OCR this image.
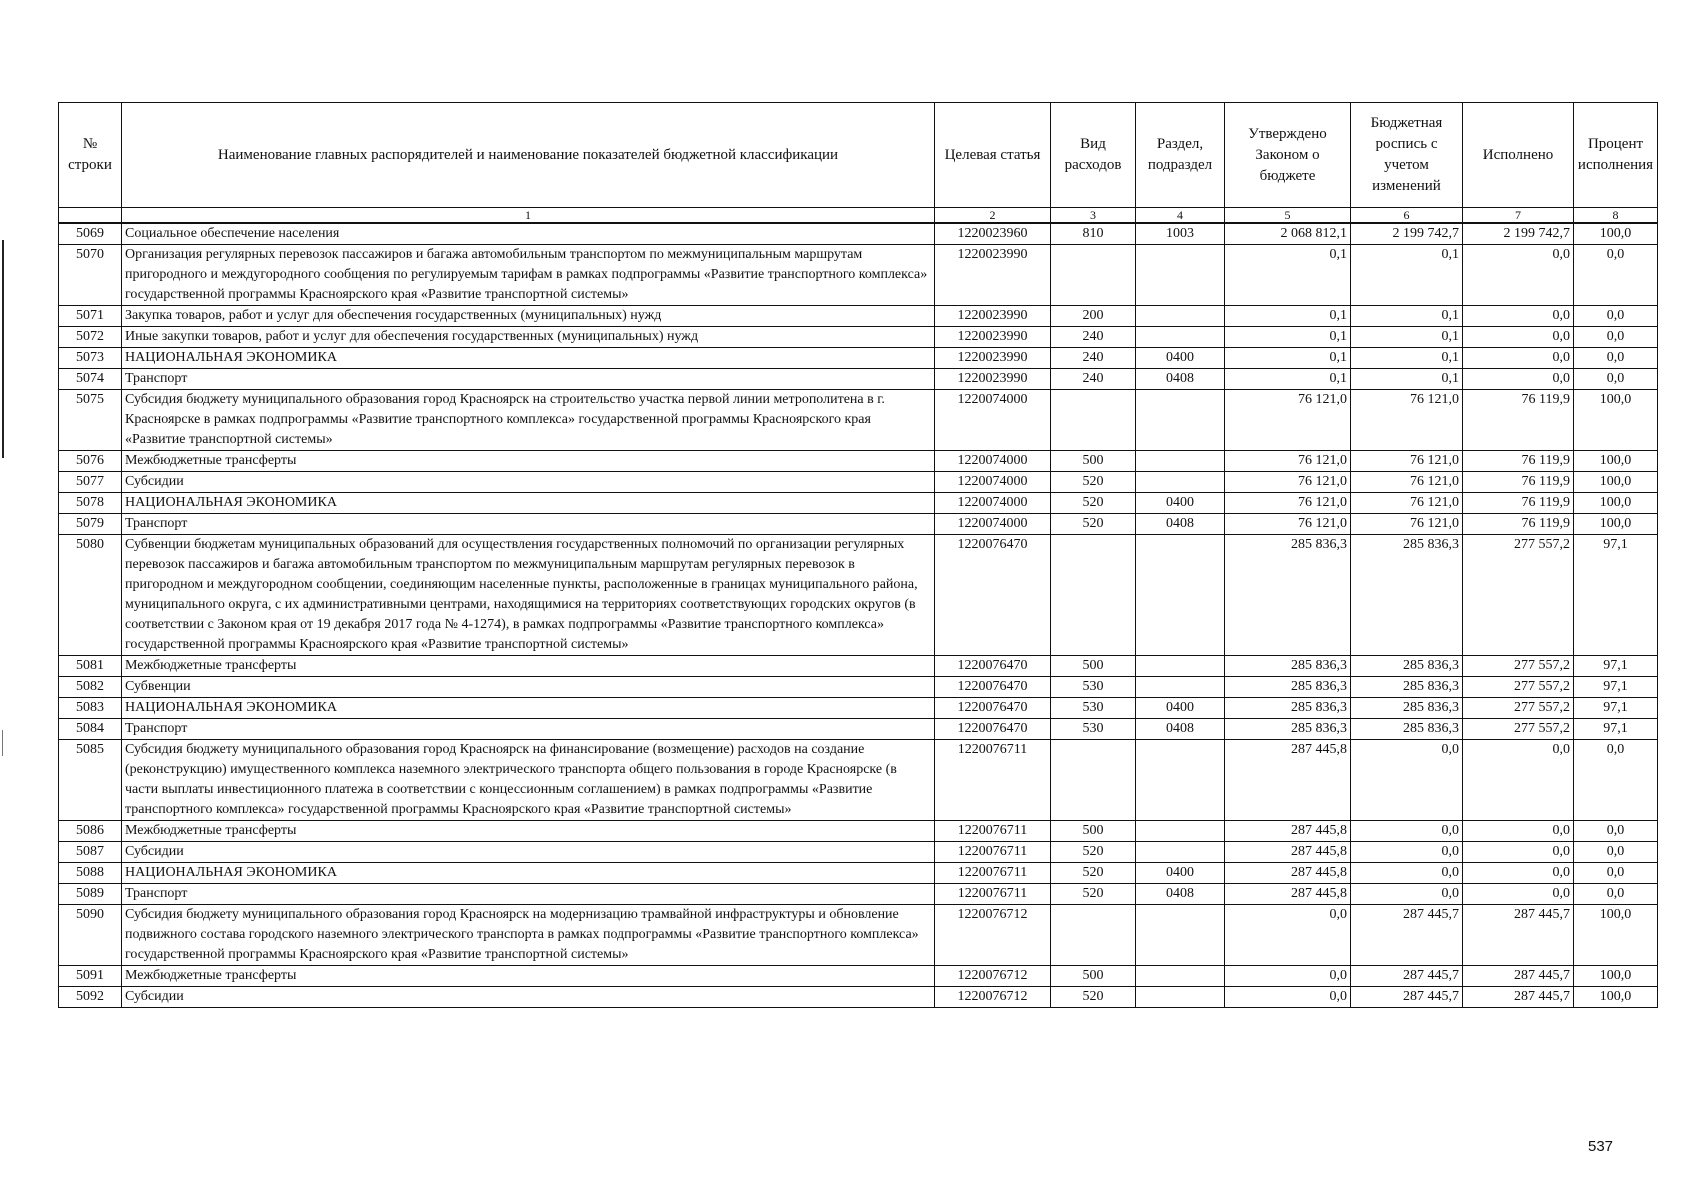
№ строки	Наименование главных распорядителей и наименование показателей бюджетной классификации	Целевая статья	Вид расходов	Раздел, подраздел	Утверждено Законом о бюджете	Бюджетная роспись с учетом изменений	Исполнено	Процент исполнения
	1	2	3	4	5	6	7	8
5069	Социальное обеспечение населения	1220023960	810	1003	2 068 812,1	2 199 742,7	2 199 742,7	100,0
5070	Организация регулярных перевозок пассажиров и багажа автомобильным транспортом по межмуниципальным маршрутам пригородного и междугородного сообщения по регулируемым тарифам в рамках подпрограммы «Развитие транспортного комплекса» государственной программы Красноярского края «Развитие транспортной системы»	1220023990			0,1	0,1	0,0	0,0
5071	Закупка товаров, работ и услуг для обеспечения государственных (муниципальных) нужд	1220023990	200		0,1	0,1	0,0	0,0
5072	Иные закупки товаров, работ и услуг для обеспечения государственных (муниципальных) нужд	1220023990	240		0,1	0,1	0,0	0,0
5073	НАЦИОНАЛЬНАЯ ЭКОНОМИКА	1220023990	240	0400	0,1	0,1	0,0	0,0
5074	Транспорт	1220023990	240	0408	0,1	0,1	0,0	0,0
5075	Субсидия бюджету муниципального образования город Красноярск на строительство участка первой линии метрополитена в г. Красноярске в рамках подпрограммы «Развитие транспортного комплекса» государственной программы Красноярского края «Развитие транспортной системы»	1220074000			76 121,0	76 121,0	76 119,9	100,0
5076	Межбюджетные трансферты	1220074000	500		76 121,0	76 121,0	76 119,9	100,0
5077	Субсидии	1220074000	520		76 121,0	76 121,0	76 119,9	100,0
5078	НАЦИОНАЛЬНАЯ ЭКОНОМИКА	1220074000	520	0400	76 121,0	76 121,0	76 119,9	100,0
5079	Транспорт	1220074000	520	0408	76 121,0	76 121,0	76 119,9	100,0
5080	Субвенции бюджетам муниципальных образований для осуществления государственных полномочий по организации регулярных перевозок пассажиров и багажа автомобильным транспортом по межмуниципальным маршрутам регулярных перевозок в пригородном и междугородном сообщении, соединяющим населенные пункты, расположенные в границах муниципального района, муниципального округа, с их административными центрами, находящимися на территориях соответствующих городских округов (в соответствии с Законом края от 19 декабря 2017 года № 4-1274), в рамках подпрограммы «Развитие транспортного комплекса» государственной программы Красноярского края «Развитие транспортной системы»	1220076470			285 836,3	285 836,3	277 557,2	97,1
5081	Межбюджетные трансферты	1220076470	500		285 836,3	285 836,3	277 557,2	97,1
5082	Субвенции	1220076470	530		285 836,3	285 836,3	277 557,2	97,1
5083	НАЦИОНАЛЬНАЯ ЭКОНОМИКА	1220076470	530	0400	285 836,3	285 836,3	277 557,2	97,1
5084	Транспорт	1220076470	530	0408	285 836,3	285 836,3	277 557,2	97,1
5085	Субсидия бюджету муниципального образования город Красноярск на финансирование (возмещение) расходов на создание (реконструкцию) имущественного комплекса наземного электрического транспорта общего пользования в городе Красноярске (в части выплаты инвестиционного платежа в соответствии с концессионным соглашением) в рамках подпрограммы «Развитие транспортного комплекса» государственной программы Красноярского края «Развитие транспортной системы»	1220076711			287 445,8	0,0	0,0	0,0
5086	Межбюджетные трансферты	1220076711	500		287 445,8	0,0	0,0	0,0
5087	Субсидии	1220076711	520		287 445,8	0,0	0,0	0,0
5088	НАЦИОНАЛЬНАЯ ЭКОНОМИКА	1220076711	520	0400	287 445,8	0,0	0,0	0,0
5089	Транспорт	1220076711	520	0408	287 445,8	0,0	0,0	0,0
5090	Субсидия бюджету муниципального образования город Красноярск на модернизацию трамвайной инфраструктуры и обновление подвижного состава городского наземного электрического транспорта в рамках подпрограммы «Развитие транспортного комплекса» государственной программы Красноярского края «Развитие транспортной системы»	1220076712			0,0	287 445,7	287 445,7	100,0
5091	Межбюджетные трансферты	1220076712	500		0,0	287 445,7	287 445,7	100,0
5092	Субсидии	1220076712	520		0,0	287 445,7	287 445,7	100,0
537
